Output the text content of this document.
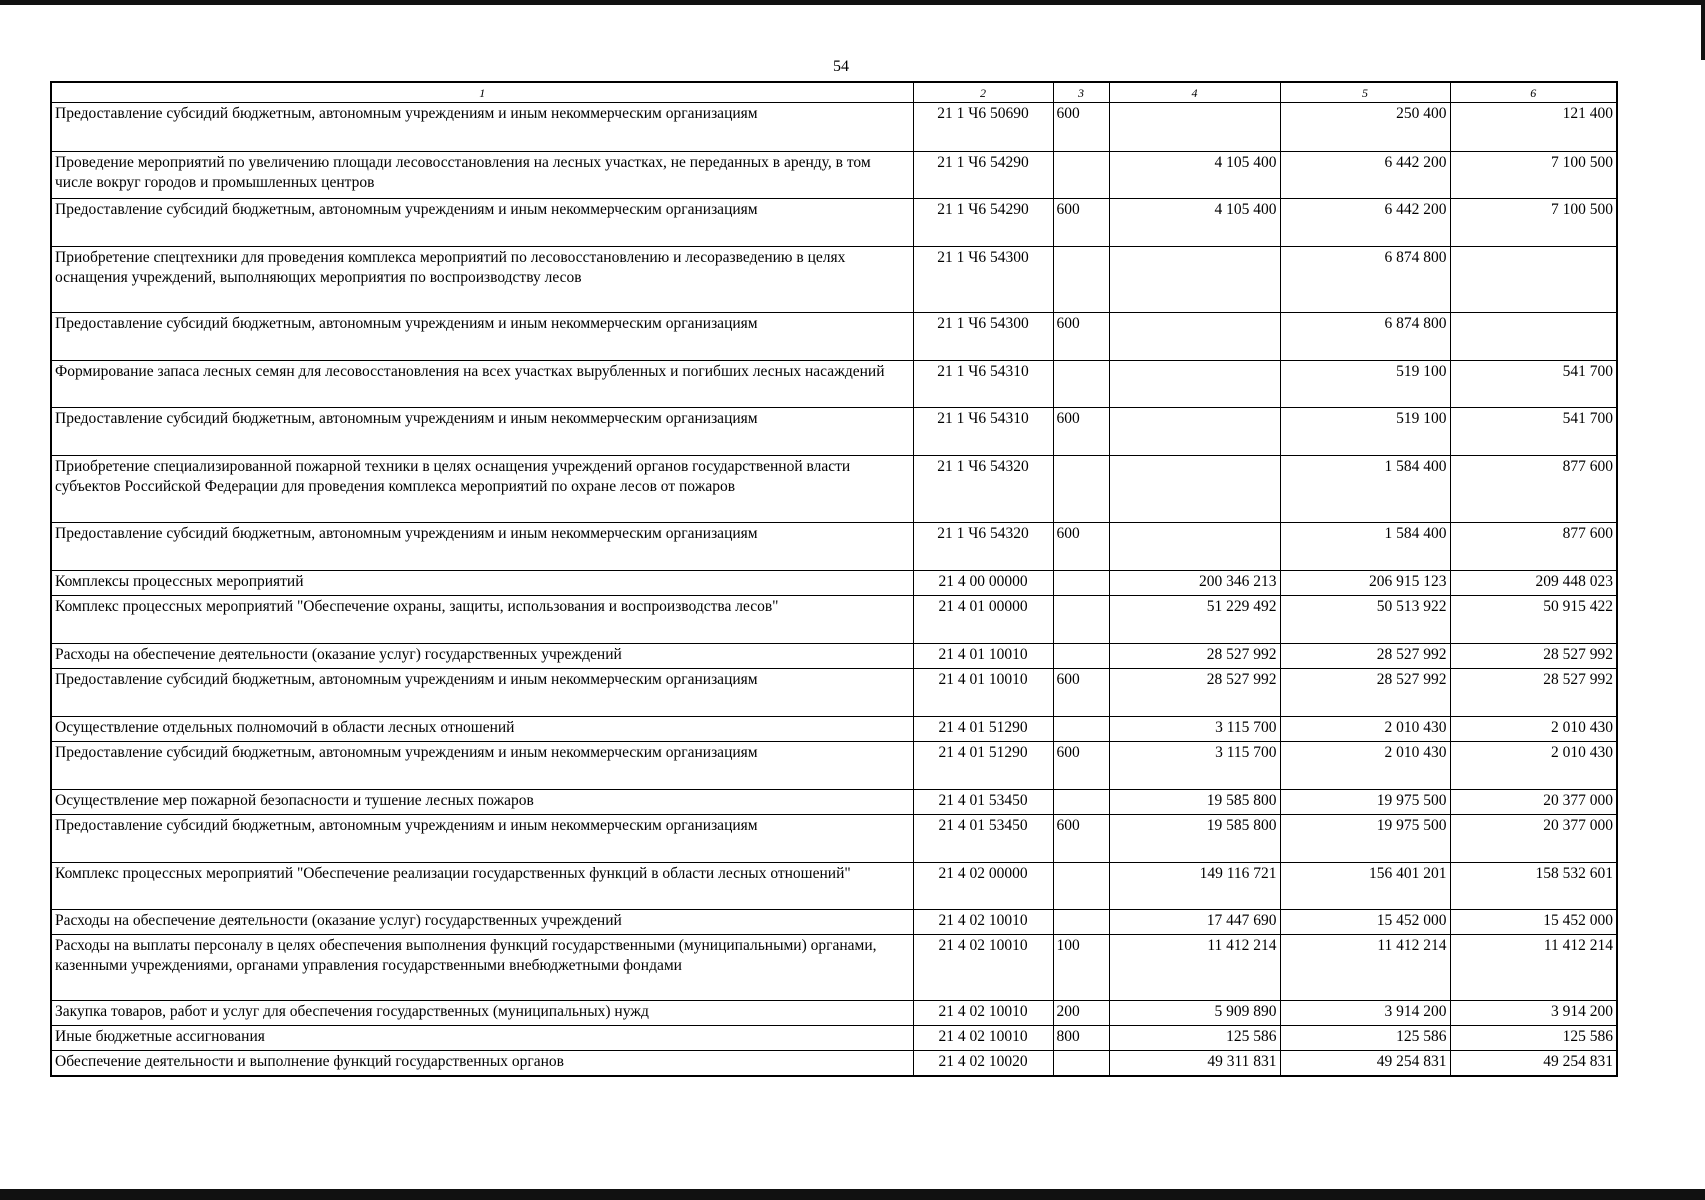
54
1	2	3	4	5	6
Предоставление субсидий бюджетным, автономным учреждениям и иным некоммерческим организациям	21 1 Ч6 50690	600		250 400	121 400
Проведение мероприятий по увеличению площади лесовосстановления на лесных участках, не переданных в аренду, в том числе вокруг городов и промышленных центров	21 1 Ч6 54290		4 105 400	6 442 200	7 100 500
Предоставление субсидий бюджетным, автономным учреждениям и иным некоммерческим организациям	21 1 Ч6 54290	600	4 105 400	6 442 200	7 100 500
Приобретение спецтехники для проведения комплекса мероприятий по лесовосстановлению и лесоразведению в целях оснащения учреждений, выполняющих мероприятия по воспроизводству лесов	21 1 Ч6 54300			6 874 800	
Предоставление субсидий бюджетным, автономным учреждениям и иным некоммерческим организациям	21 1 Ч6 54300	600		6 874 800	
Формирование запаса лесных семян для лесовосстановления на всех участках вырубленных и погибших лесных насаждений	21 1 Ч6 54310			519 100	541 700
Предоставление субсидий бюджетным, автономным учреждениям и иным некоммерческим организациям	21 1 Ч6 54310	600		519 100	541 700
Приобретение специализированной пожарной техники в целях оснащения учреждений органов государственной власти субъектов Российской Федерации для проведения комплекса мероприятий по охране лесов от пожаров	21 1 Ч6 54320			1 584 400	877 600
Предоставление субсидий бюджетным, автономным учреждениям и иным некоммерческим организациям	21 1 Ч6 54320	600		1 584 400	877 600
Комплексы процессных мероприятий	21 4 00 00000		200 346 213	206 915 123	209 448 023
Комплекс процессных мероприятий "Обеспечение охраны, защиты, использования и воспроизводства лесов"	21 4 01 00000		51 229 492	50 513 922	50 915 422
Расходы на обеспечение деятельности (оказание услуг) государственных учреждений	21 4 01 10010		28 527 992	28 527 992	28 527 992
Предоставление субсидий бюджетным, автономным учреждениям и иным некоммерческим организациям	21 4 01 10010	600	28 527 992	28 527 992	28 527 992
Осуществление отдельных полномочий в области лесных отношений	21 4 01 51290		3 115 700	2 010 430	2 010 430
Предоставление субсидий бюджетным, автономным учреждениям и иным некоммерческим организациям	21 4 01 51290	600	3 115 700	2 010 430	2 010 430
Осуществление мер пожарной безопасности и тушение лесных пожаров	21 4 01 53450		19 585 800	19 975 500	20 377 000
Предоставление субсидий бюджетным, автономным учреждениям и иным некоммерческим организациям	21 4 01 53450	600	19 585 800	19 975 500	20 377 000
Комплекс процессных мероприятий "Обеспечение реализации государственных функций в области лесных отношений"	21 4 02 00000		149 116 721	156 401 201	158 532 601
Расходы на обеспечение деятельности (оказание услуг) государственных учреждений	21 4 02 10010		17 447 690	15 452 000	15 452 000
Расходы на выплаты персоналу в целях обеспечения выполнения функций государственными (муниципальными) органами, казенными учреждениями, органами управления государственными внебюджетными фондами	21 4 02 10010	100	11 412 214	11 412 214	11 412 214
Закупка товаров, работ и услуг для обеспечения государственных (муниципальных) нужд	21 4 02 10010	200	5 909 890	3 914 200	3 914 200
Иные бюджетные ассигнования	21 4 02 10010	800	125 586	125 586	125 586
Обеспечение деятельности и выполнение функций государственных органов	21 4 02 10020		49 311 831	49 254 831	49 254 831
